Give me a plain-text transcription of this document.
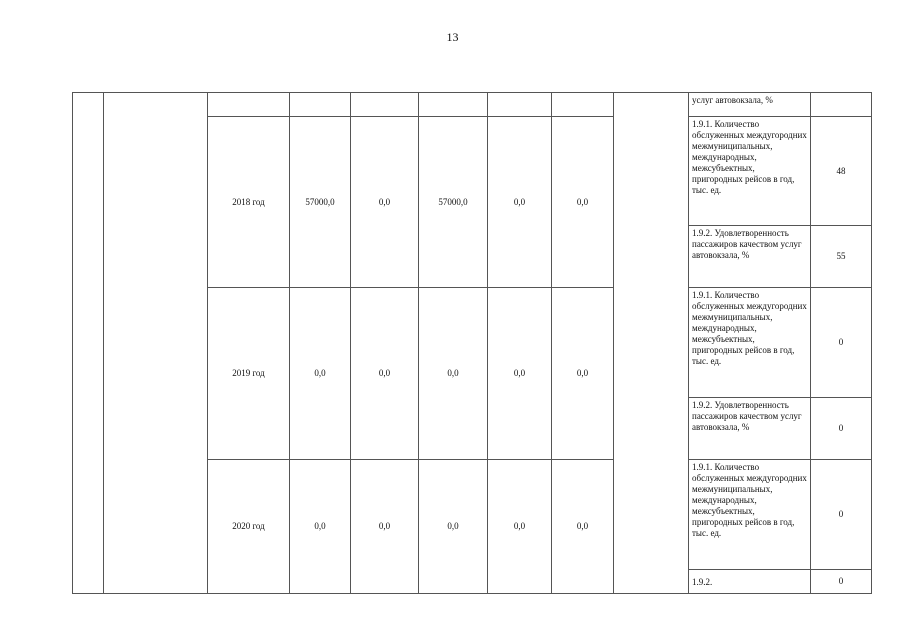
13
									услуг автовокзала, %	
		2018 год	57000,0	0,0	57000,0	0,0	0,0		1.9.1. Количество обслуженных междугородних межмуниципальных, международных, межсубъектных, пригородных рейсов в год, тыс. ед.	48
									1.9.2. Удовлетворенность пассажиров качеством услуг автовокзала, %	55
		2019 год	0,0	0,0	0,0	0,0	0,0		1.9.1. Количество обслуженных междугородних межмуниципальных, международных, межсубъектных, пригородных рейсов в год, тыс. ед.	0
									1.9.2. Удовлетворенность пассажиров качеством услуг автовокзала, %	0
		2020 год	0,0	0,0	0,0	0,0	0,0		1.9.1. Количество обслуженных междугородних межмуниципальных, международных, межсубъектных, пригородных рейсов в год, тыс. ед.	0
									1.9.2.	0
